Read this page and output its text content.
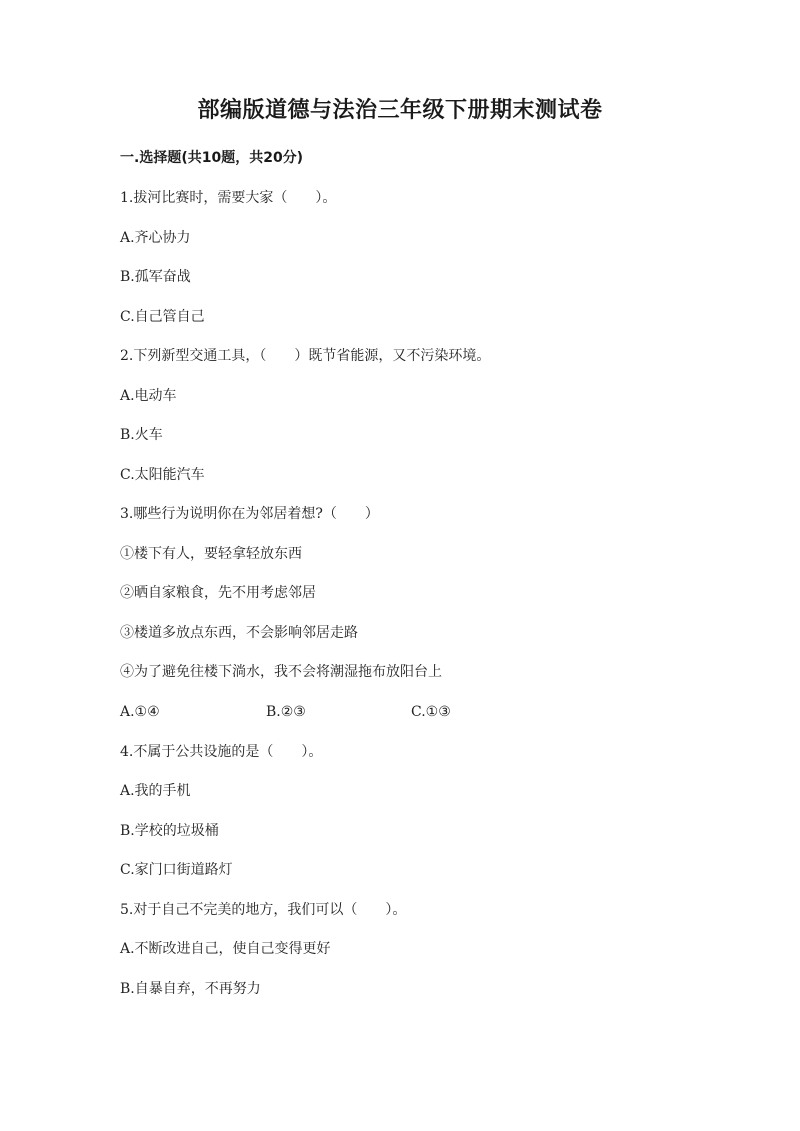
部编版道德与法治三年级下册期末测试卷
一.选择题(共10题，共20分)
1.拔河比赛时，需要大家（　　）。
A.齐心协力
B.孤军奋战
C.自己管自己
2.下列新型交通工具，（　　）既节省能源，又不污染环境。
A.电动车
B.火车
C.太阳能汽车
3.哪些行为说明你在为邻居着想?（　　）
①楼下有人，要轻拿轻放东西
②晒自家粮食，先不用考虑邻居
③楼道多放点东西，不会影响邻居走路
④为了避免往楼下淌水，我不会将潮湿拖布放阳台上
A.①④	B.②③	C.①③
4.不属于公共设施的是（　　）。
A.我的手机
B.学校的垃圾桶
C.家门口街道路灯
5.对于自己不完美的地方，我们可以（　　）。
A.不断改进自己，使自己变得更好
B.自暴自弃，不再努力
